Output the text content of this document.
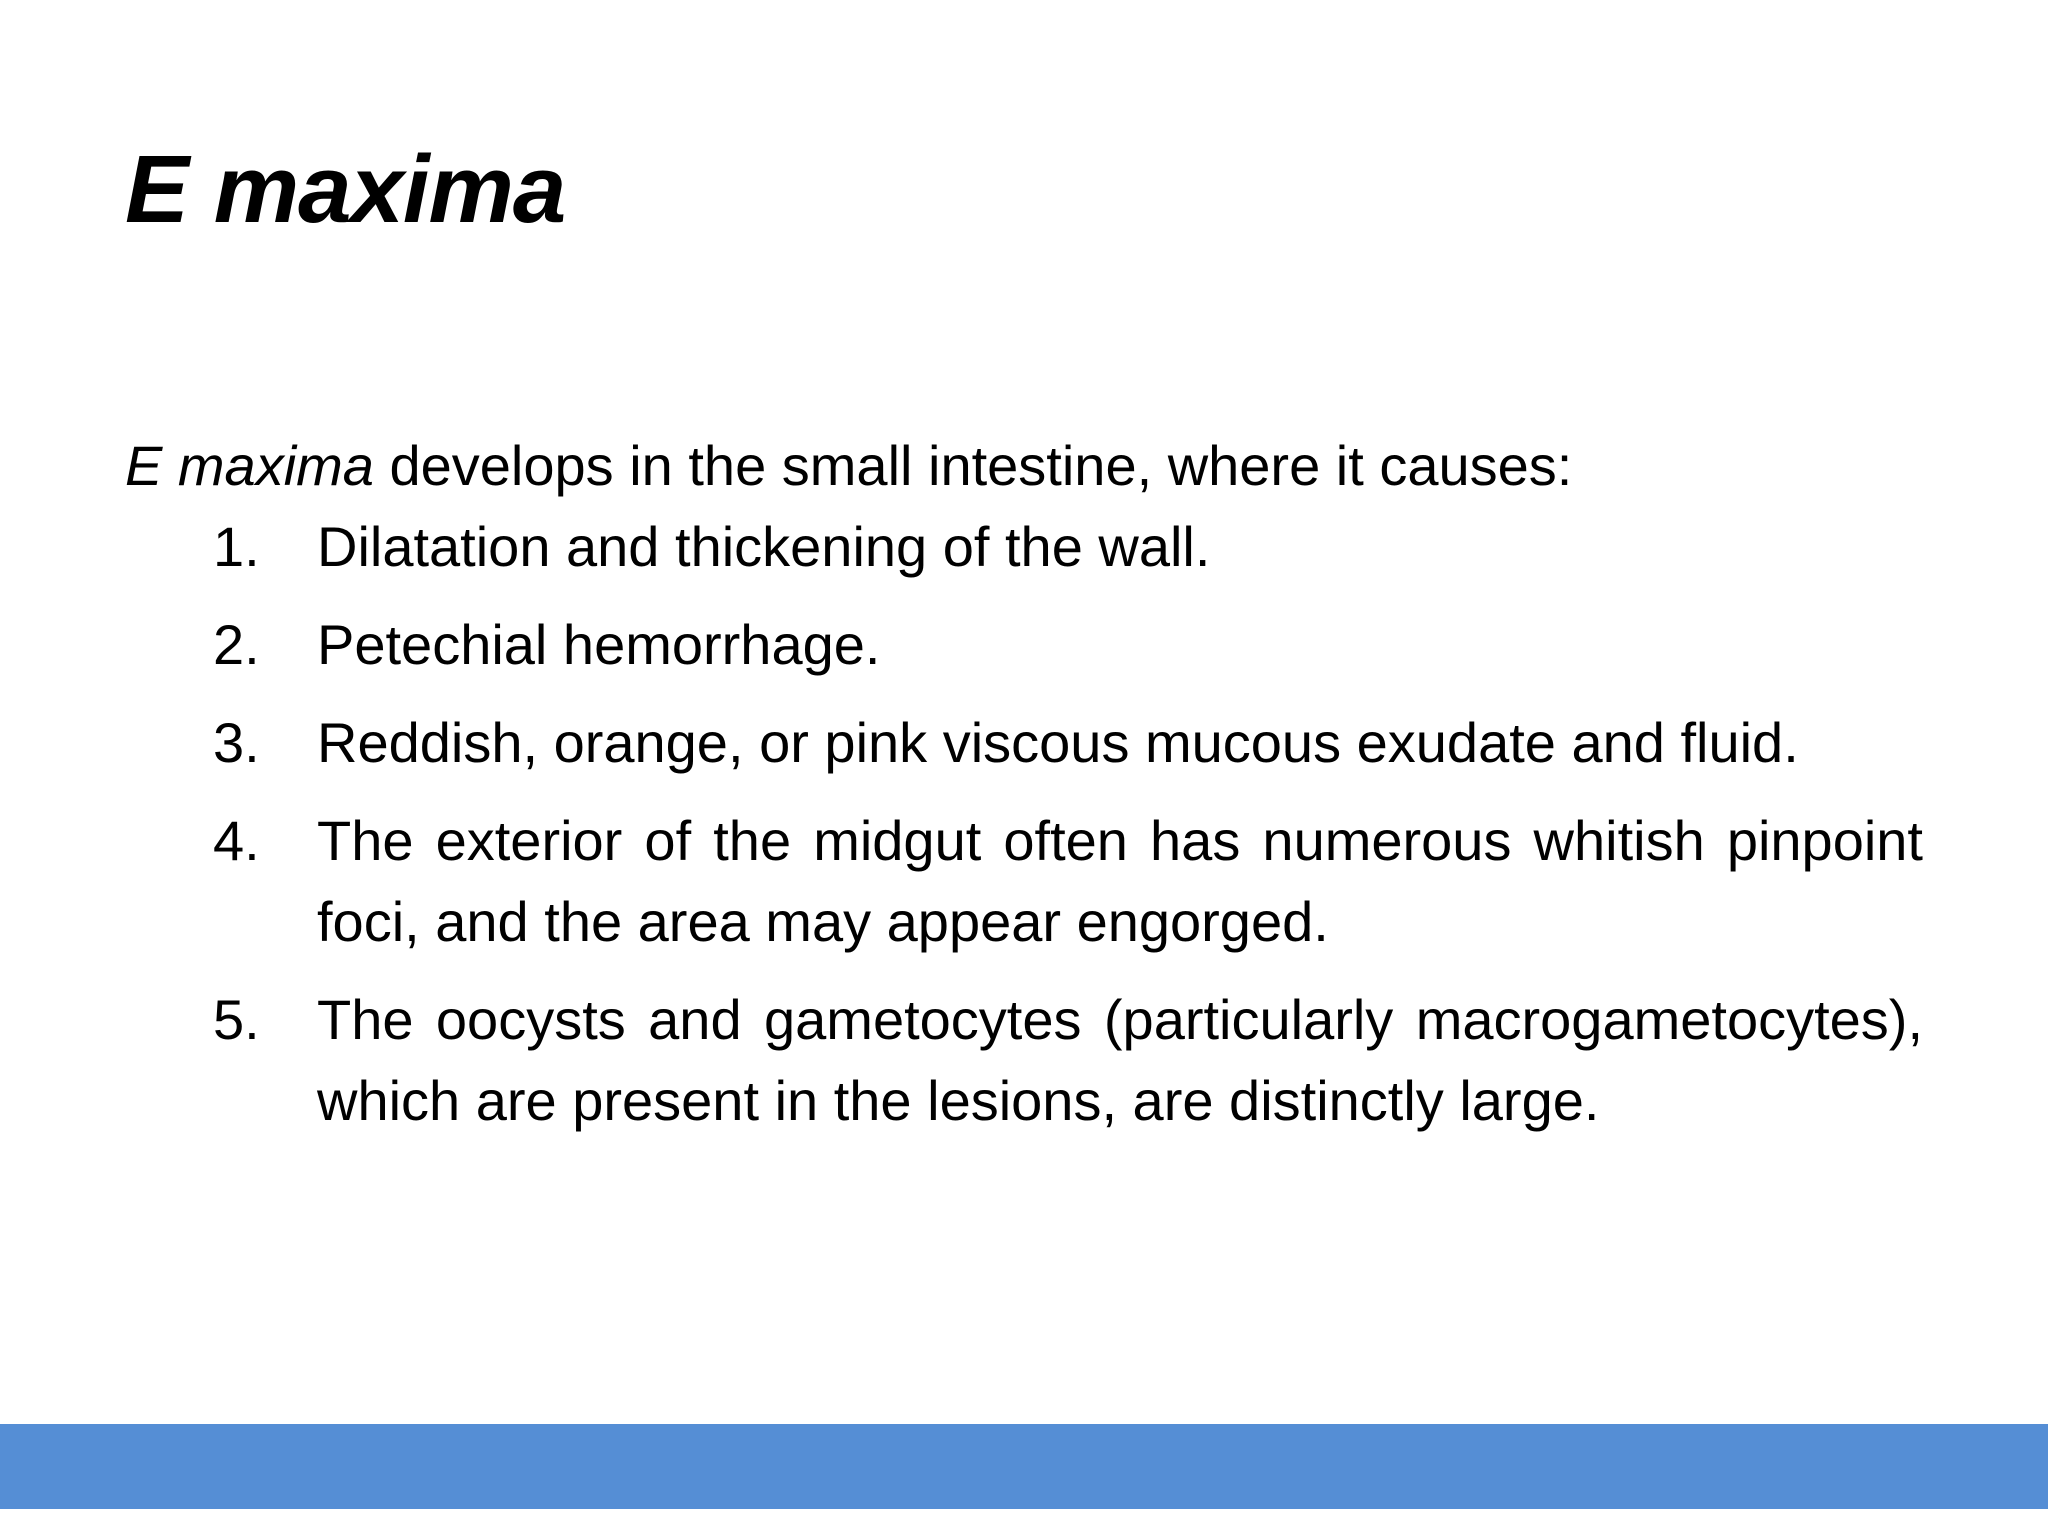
E maxima

E maxima develops in the small intestine, where it causes:

1. Dilatation and thickening of the wall.
2. Petechial hemorrhage.
3. Reddish, orange, or pink viscous mucous exudate and fluid.
4. The exterior of the midgut often has numerous whitish pinpoint foci, and the area may appear engorged.
5. The oocysts and gametocytes (particularly macrogametocytes), which are present in the lesions, are distinctly large.
